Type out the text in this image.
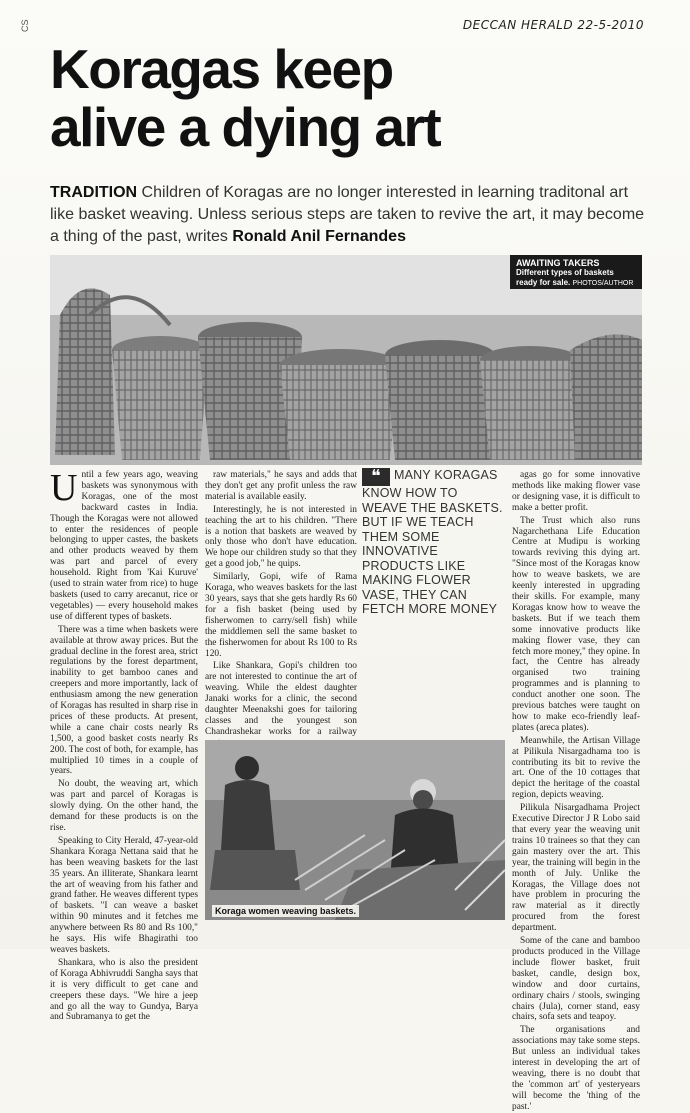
CS	DECCAN HERALD 22-5-2010
Koragas keep
alive a dying art
TRADITION Children of Koragas are no longer interested in learning traditonal art like basket weaving. Unless serious steps are taken to revive the art, it may become a thing of the past, writes Ronald Anil Fernandes
AWAITING TAKERS
Different types of baskets ready for sale. PHOTOS/AUTHOR
U ntil a few years ago, weaving baskets was synonymous with Koragas, one of the most backward castes in India. Though the Koragas were not allowed to enter the residences of people belonging to upper castes, the baskets and other products weaved by them was part and parcel of every household. Right from 'Kai Kuruve' (used to strain water from rice) to huge baskets (used to carry arecanut, rice or vegetables) — every household makes use of different types of baskets.

There was a time when baskets were available at throw away prices. But the gradual decline in the forest area, strict regulations by the forest department, inability to get bamboo canes and creepers and more importantly, lack of enthusiasm among the new generation of Koragas has resulted in sharp rise in prices of these products. At present, while a cane chair costs nearly Rs 1,500, a good basket costs nearly Rs 200. The cost of both, for example, has multiplied 10 times in a couple of years.

No doubt, the weaving art, which was part and parcel of Koragas is slowly dying. On the other hand, the demand for these products is on the rise.

Speaking to City Herald, 47-year-old Shankara Koraga Nettana said that he has been weaving baskets for the last 35 years. An illiterate, Shankara learnt the art of weaving from his father and grand father. He weaves different types of baskets. "I can weave a basket within 90 minutes and it fetches me anywhere between Rs 80 and Rs 100," he says. His wife Bhagirathi too weaves baskets.

Shankara, who is also the president of Koraga Abhivruddi Sangha says that it is very difficult to get cane and creepers these days. "We hire a jeep and go all the way to Gundya, Barya and Subramanya to get the

raw materials," he says and adds that they don't get any profit unless the raw material is available easily.

Interestingly, he is not interested in teaching the art to his children. "There is a notion that baskets are weaved by only those who don't have education. We hope our children study so that they get a good job," he quips.

Similarly, Gopi, wife of Rama Koraga, who weaves baskets for the last 30 years, says that she gets hardly Rs 60 for a fish basket (being used by fisherwomen to carry/sell fish) while the middlemen sell the same basket to the fisherwomen for about Rs 100 to Rs 120.

Like Shankara, Gopi's children too are not interested to continue the art of weaving. While the eldest daughter Janaki works for a clinic, the second daughter Meenakshi goes for tailoring classes and the youngest son Chandrashekar works for a railway

❝ MANY KORAGAS KNOW HOW TO WEAVE THE BASKETS. BUT IF WE TEACH THEM SOME INNOVATIVE PRODUCTS LIKE MAKING FLOWER VASE, THEY CAN FETCH MORE MONEY

agas go for some innovative methods like making flower vase or designing vase, it is difficult to make a better profit.

The Trust which also runs Nagarchethana Life Education Centre at Mudipu is working towards reviving this dying art. "Since most of the Koragas know how to weave baskets, we are keenly interested in upgrading their skills. For example, many Koragas know how to weave the baskets. But if we teach them some innovative products like making flower vase, they can fetch more money," they opine. In fact, the Centre has already organised two training programmes and is planning to conduct another one soon. The previous batches were taught on how to make eco-friendly leaf-plates (areca plates).

Meanwhile, the Artisan Village at Pilikula Nisargadhama too is contributing its bit to revive the art. One of the 10 cottages that depict the heritage of the coastal region, depicts weaving.

Pilikula Nisargadhama Project Executive Director J R Lobo said that every year the weaving unit trains 10 trainees so that they can gain mastery over the art. This year, the training will begin in the month of July. Unlike the Koragas, the Village does not have problem in procuring the raw material as it directly procured from the forest department.

Some of the cane and bamboo products produced in the Village include flower basket, fruit basket, candle, design box, window and door curtains, ordinary chairs / stools, swinging chairs (Jula), corner stand, easy chairs, sofa sets and teapoy.

The organisations and associations may take some steps. But unless an individual takes interest in developing the art of weaving, there is no doubt that the 'common art' of yesteryears will become the 'thing of the past.'

Koraga women weaving baskets.
